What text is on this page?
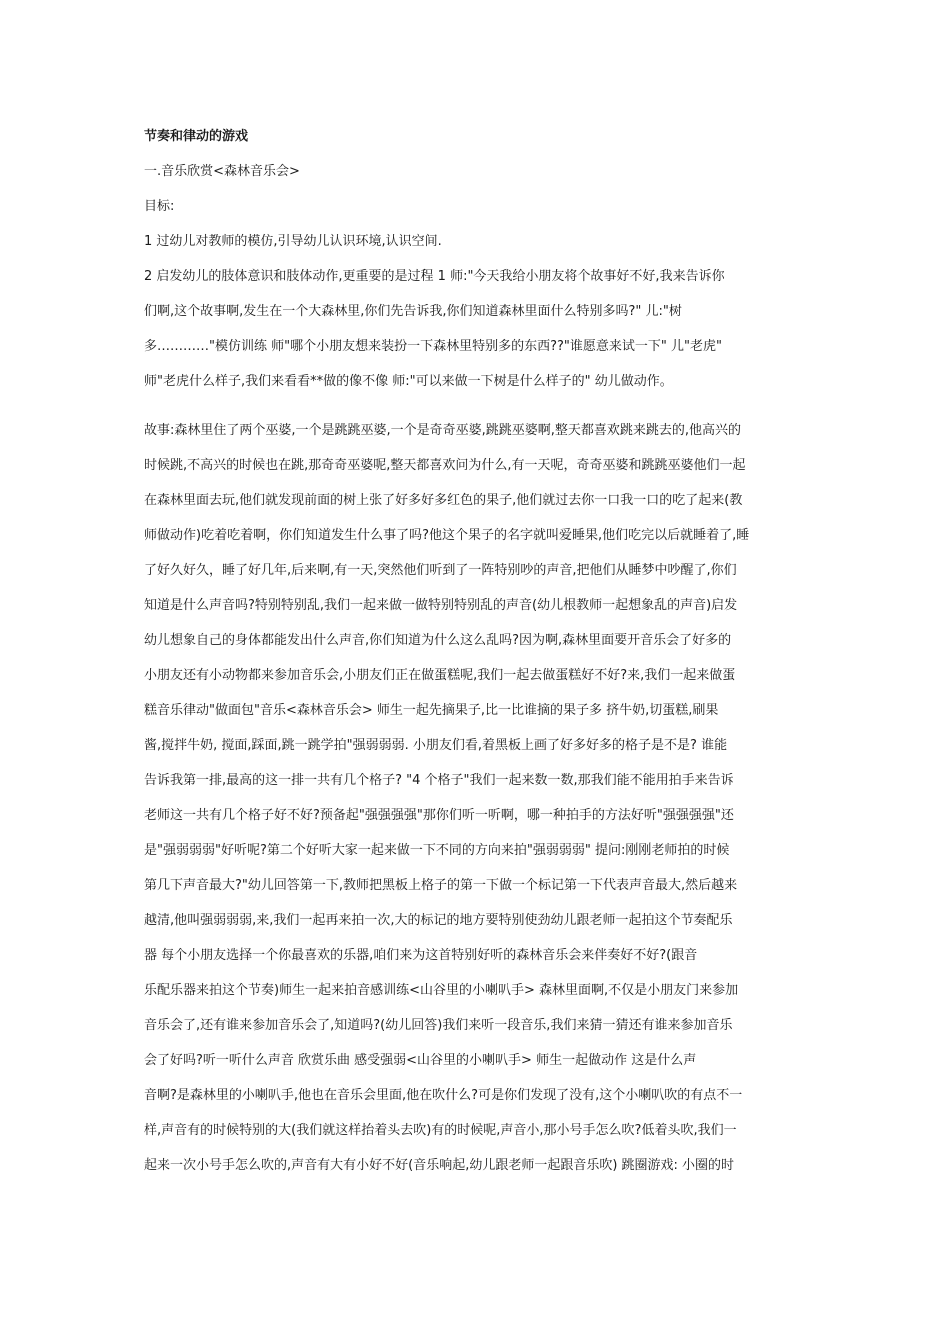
节奏和律动的游戏
一.音乐欣赏<森林音乐会>
目标:
1 过幼儿对教师的模仿,引导幼儿认识环境,认识空间.
2 启发幼儿的肢体意识和肢体动作,更重要的是过程 1 师:"今天我给小朋友将个故事好不好,我来告诉你
们啊,这个故事啊,发生在一个大森林里,你们先告诉我,你们知道森林里面什么特别多吗?" 儿:"树
多…………"模仿训练 师"哪个小朋友想来装扮一下森林里特别多的东西??"谁愿意来试一下" 儿"老虎"
师"老虎什么样子,我们来看看**做的像不像 师:"可以来做一下树是什么样子的" 幼儿做动作。
故事:森林里住了两个巫婆,一个是跳跳巫婆,一个是奇奇巫婆,跳跳巫婆啊,整天都喜欢跳来跳去的,他高兴的
时候跳,不高兴的时候也在跳,那奇奇巫婆呢,整天都喜欢问为什么,有一天呢，奇奇巫婆和跳跳巫婆他们一起
在森林里面去玩,他们就发现前面的树上张了好多好多红色的果子,他们就过去你一口我一口的吃了起来(教
师做动作)吃着吃着啊，你们知道发生什么事了吗?他这个果子的名字就叫爱睡果,他们吃完以后就睡着了,睡
了好久好久，睡了好几年,后来啊,有一天,突然他们听到了一阵特别吵的声音,把他们从睡梦中吵醒了,你们
知道是什么声音吗?特别特别乱,我们一起来做一做特别特别乱的声音(幼儿根教师一起想象乱的声音)启发
幼儿想象自己的身体都能发出什么声音,你们知道为什么这么乱吗?因为啊,森林里面要开音乐会了好多的
小朋友还有小动物都来参加音乐会,小朋友们正在做蛋糕呢,我们一起去做蛋糕好不好?来,我们一起来做蛋
糕音乐律动"做面包"音乐<森林音乐会> 师生一起先摘果子,比一比谁摘的果子多 挤牛奶,切蛋糕,刷果
酱,搅拌牛奶, 搅面,踩面,跳一跳学拍"强弱弱弱. 小朋友们看,着黑板上画了好多好多的格子是不是? 谁能
告诉我第一排,最高的这一排一共有几个格子? "4 个格子"我们一起来数一数,那我们能不能用拍手来告诉
老师这一共有几个格子好不好?预备起"强强强强"那你们听一听啊，哪一种拍手的方法好听"强强强强"还
是"强弱弱弱"好听呢?第二个好听大家一起来做一下不同的方向来拍"强弱弱弱" 提问:刚刚老师拍的时候
第几下声音最大?"幼儿回答第一下,教师把黑板上格子的第一下做一个标记第一下代表声音最大,然后越来
越清,他叫强弱弱弱,来,我们一起再来拍一次,大的标记的地方要特别使劲幼儿跟老师一起拍这个节奏配乐
器 每个小朋友选择一个你最喜欢的乐器,咱们来为这首特别好听的森林音乐会来伴奏好不好?(跟音
乐配乐器来拍这个节奏)师生一起来拍音感训练<山谷里的小喇叭手> 森林里面啊,不仅是小朋友门来参加
音乐会了,还有谁来参加音乐会了,知道吗?(幼儿回答)我们来听一段音乐,我们来猜一猜还有谁来参加音乐
会了好吗?听一听什么声音 欣赏乐曲 感受强弱<山谷里的小喇叭手> 师生一起做动作 这是什么声
音啊?是森林里的小喇叭手,他也在音乐会里面,他在吹什么?可是你们发现了没有,这个小喇叭吹的有点不一
样,声音有的时候特别的大(我们就这样抬着头去吹)有的时候呢,声音小,那小号手怎么吹?低着头吹,我们一
起来一次小号手怎么吹的,声音有大有小好不好(音乐响起,幼儿跟老师一起跟音乐吹) 跳圈游戏: 小圈的时
